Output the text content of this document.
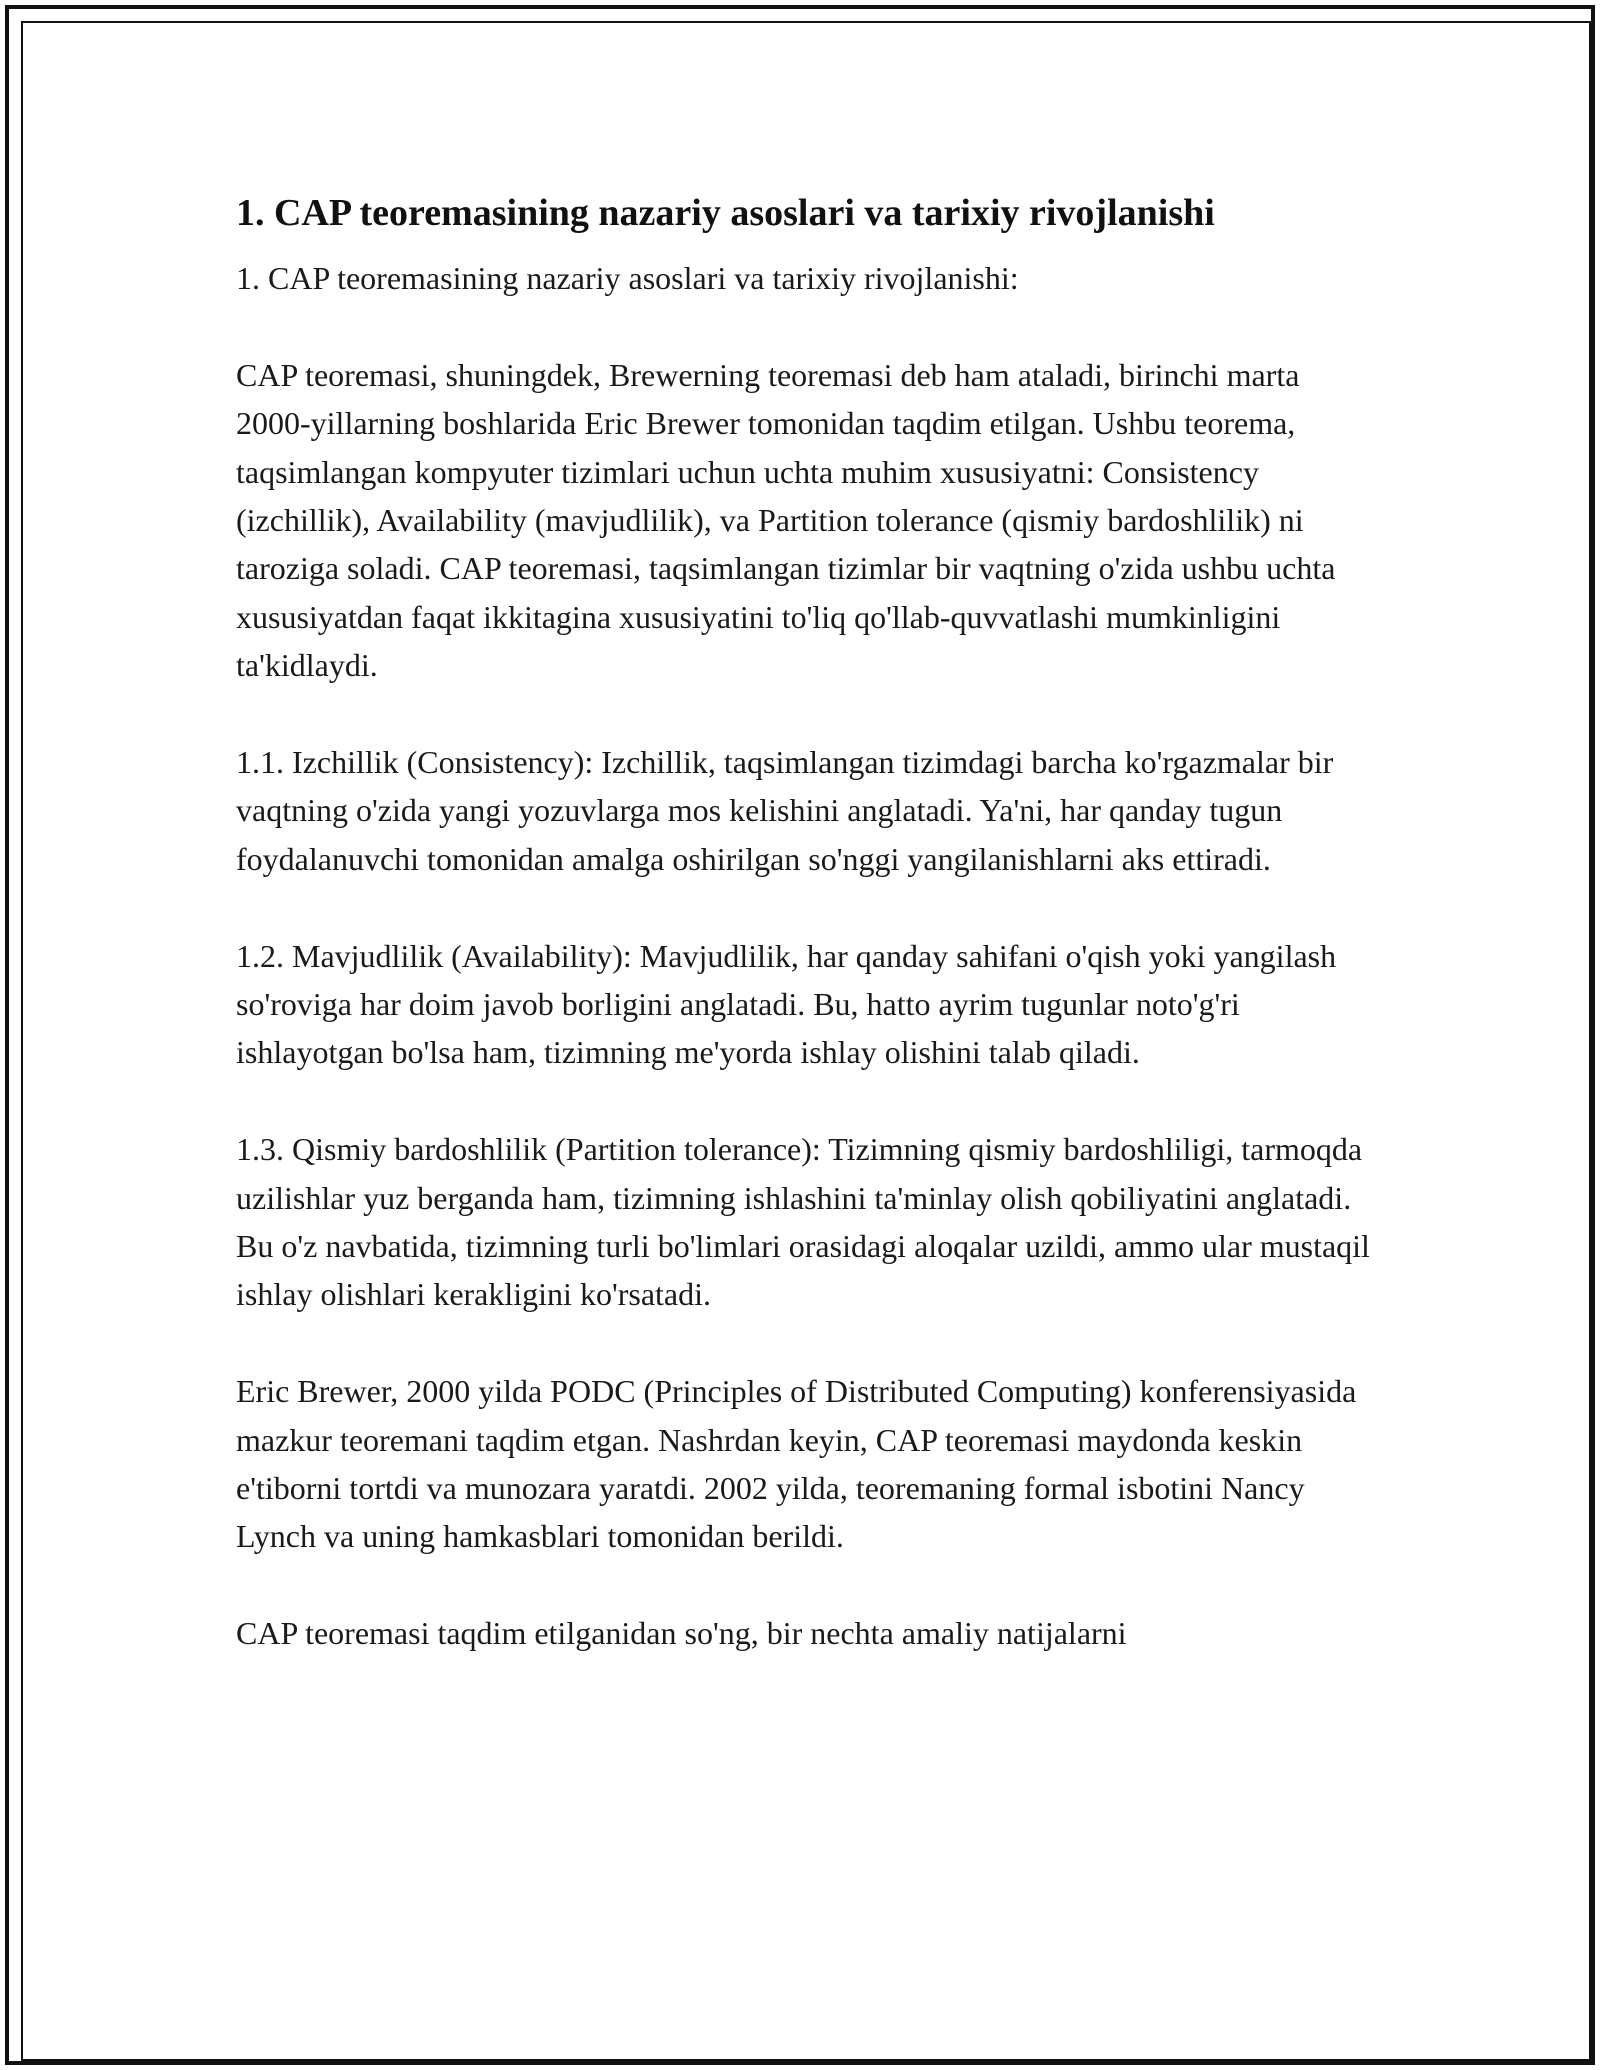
1. CAP teoremasining nazariy asoslari va tarixiy rivojlanishi

1. CAP teoremasining nazariy asoslari va tarixiy rivojlanishi:

CAP teoremasi, shuningdek, Brewerning teoremasi deb ham ataladi, birinchi marta 2000-yillarning boshlarida Eric Brewer tomonidan taqdim etilgan. Ushbu teorema, taqsimlangan kompyuter tizimlari uchun uchta muhim xususiyatni: Consistency (izchillik), Availability (mavjudlilik), va Partition tolerance (qismiy bardoshlilik) ni taroziga soladi. CAP teoremasi, taqsimlangan tizimlar bir vaqtning o'zida ushbu uchta xususiyatdan faqat ikkitagina xususiyatini to'liq qo'llab-quvvatlashi mumkinligini ta'kidlaydi.

1.1. Izchillik (Consistency): Izchillik, taqsimlangan tizimdagi barcha ko'rgazmalar bir vaqtning o'zida yangi yozuvlarga mos kelishini anglatadi. Ya'ni, har qanday tugun foydalanuvchi tomonidan amalga oshirilgan so'nggi yangilanishlarni aks ettiradi.

1.2. Mavjudlilik (Availability): Mavjudlilik, har qanday sahifani o'qish yoki yangilash so'roviga har doim javob borligini anglatadi. Bu, hatto ayrim tugunlar noto'g'ri ishlayotgan bo'lsa ham, tizimning me'yorda ishlay olishini talab qiladi.

1.3. Qismiy bardoshlilik (Partition tolerance): Tizimning qismiy bardoshliligi, tarmoqda uzilishlar yuz berganda ham, tizimning ishlashini ta'minlay olish qobiliyatini anglatadi. Bu o'z navbatida, tizimning turli bo'limlari orasidagi aloqalar uzildi, ammo ular mustaqil ishlay olishlari kerakligini ko'rsatadi.

Eric Brewer, 2000 yilda PODC (Principles of Distributed Computing) konferensiyasida mazkur teoremani taqdim etgan. Nashrdan keyin, CAP teoremasi maydonda keskin e'tiborni tortdi va munozara yaratdi. 2002 yilda, teoremaning formal isbotini Nancy Lynch va uning hamkasblari tomonidan berildi.

CAP teoremasi taqdim etilganidan so'ng, bir nechta amaliy natijalarni
